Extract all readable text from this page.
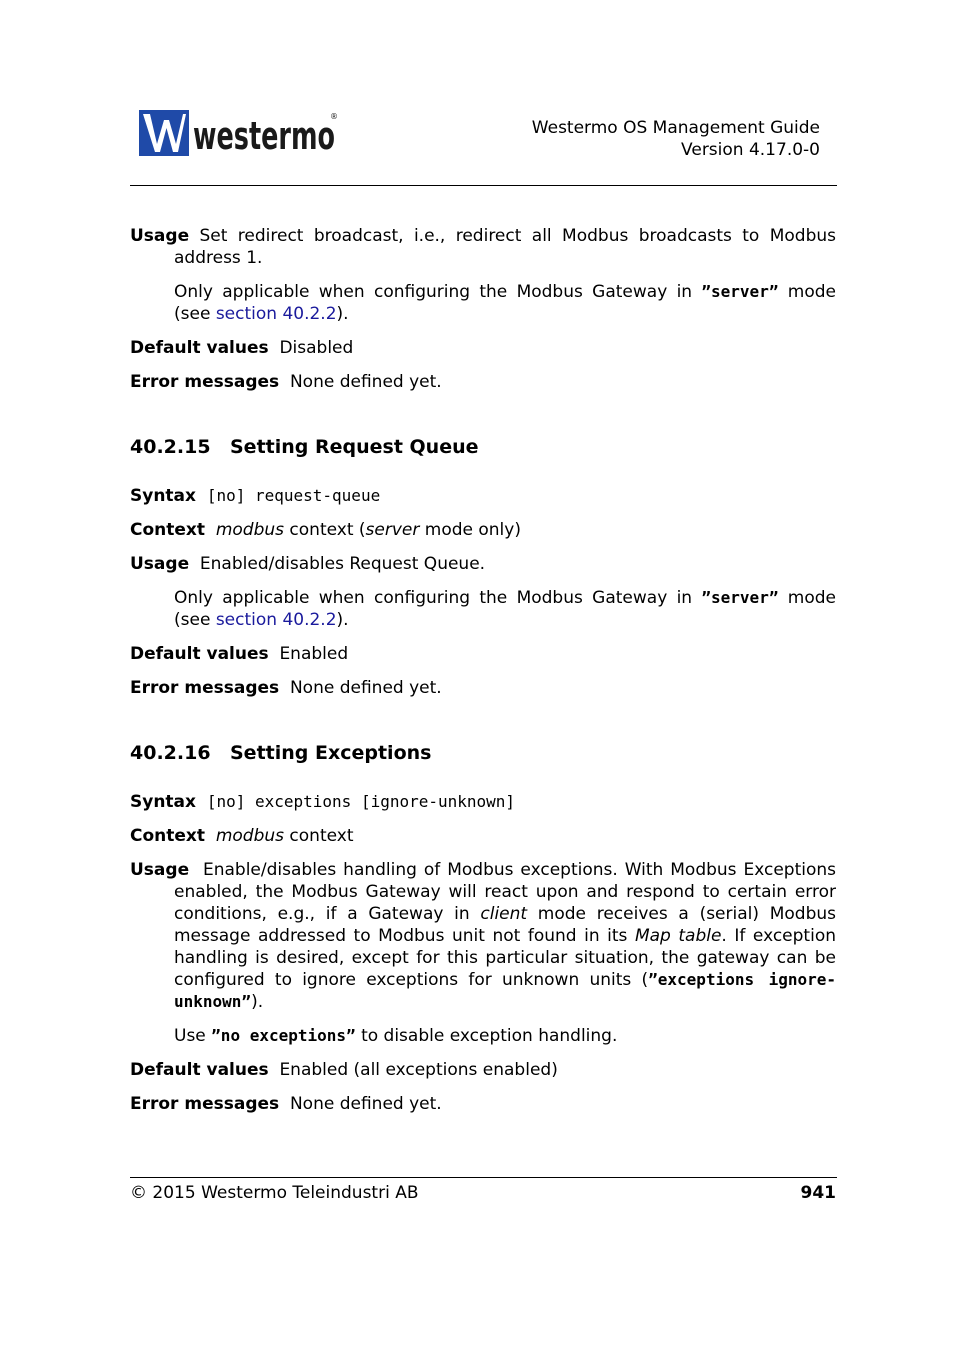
westermo
®
Westermo OS Management Guide
Version 4.17.0-0

Usage Set redirect broadcast, i.e., redirect all Modbus broadcasts to Modbus address 1.

Only applicable when configuring the Modbus Gateway in ”server” mode (see section 40.2.2).

Default values Disabled

Error messages None defined yet.

40.2.15 Setting Request Queue

Syntax [no] request-queue

Context modbus context (server mode only)

Usage Enabled/disables Request Queue.

Only applicable when configuring the Modbus Gateway in ”server” mode (see section 40.2.2).

Default values Enabled

Error messages None defined yet.

40.2.16 Setting Exceptions

Syntax [no] exceptions [ignore-unknown]

Context modbus context

Usage Enable/disables handling of Modbus exceptions. With Modbus Exceptions enabled, the Modbus Gateway will react upon and respond to certain error conditions, e.g., if a Gateway in client mode receives a (serial) Modbus message addressed to Modbus unit not found in its Map table. If exception handling is desired, except for this particular situation, the gateway can be configured to ignore exceptions for unknown units (”exceptions ignore-unknown”).

Use ”no exceptions” to disable exception handling.

Default values Enabled (all exceptions enabled)

Error messages None defined yet.

© 2015 Westermo Teleindustri AB	941
